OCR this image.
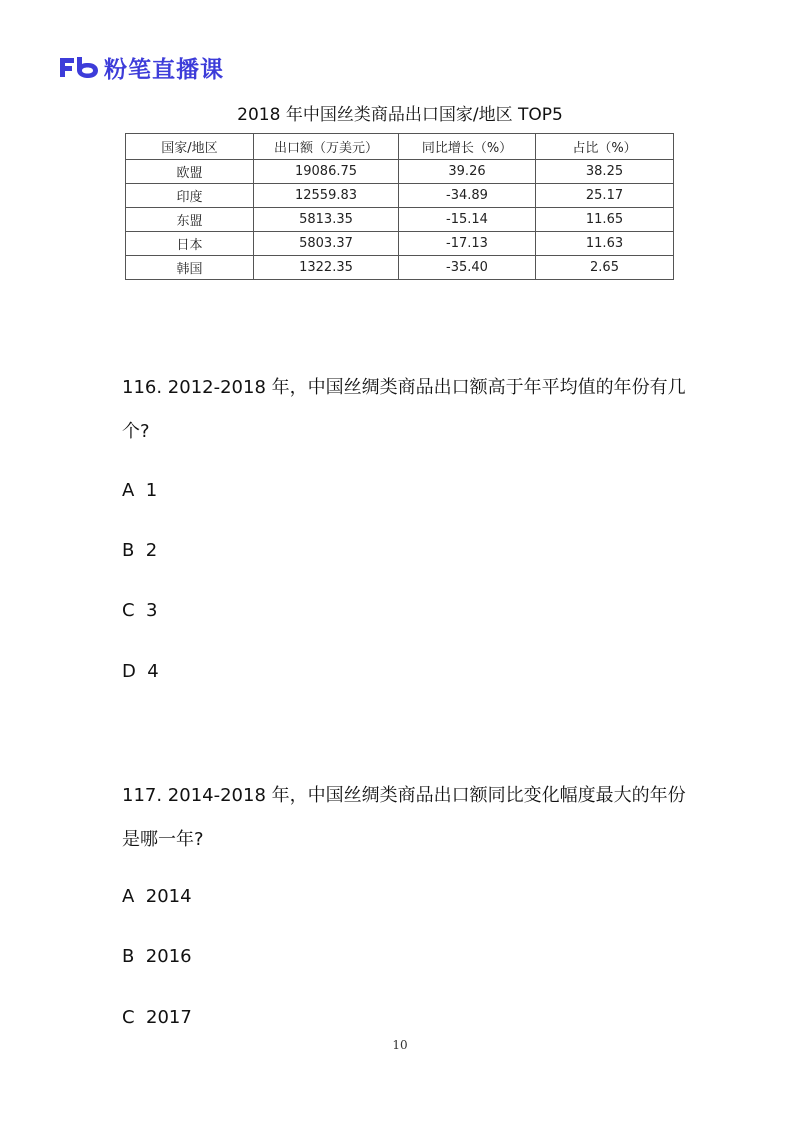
粉笔直播课
2018 年中国丝类商品出口国家/地区 TOP5
国家/地区	出口额（万美元）	同比增长（%）	占比（%）
欧盟	19086.75	39.26	38.25
印度	12559.83	-34.89	25.17
东盟	5813.35	-15.14	11.65
日本	5803.37	-17.13	11.63
韩国	1322.35	-35.40	2.65
116. 2012-2018 年，中国丝绸类商品出口额高于年平均值的年份有几个?
A  1
B  2
C  3
D  4
117. 2014-2018 年，中国丝绸类商品出口额同比变化幅度最大的年份是哪一年?
A  2014
B  2016
C  2017
10
